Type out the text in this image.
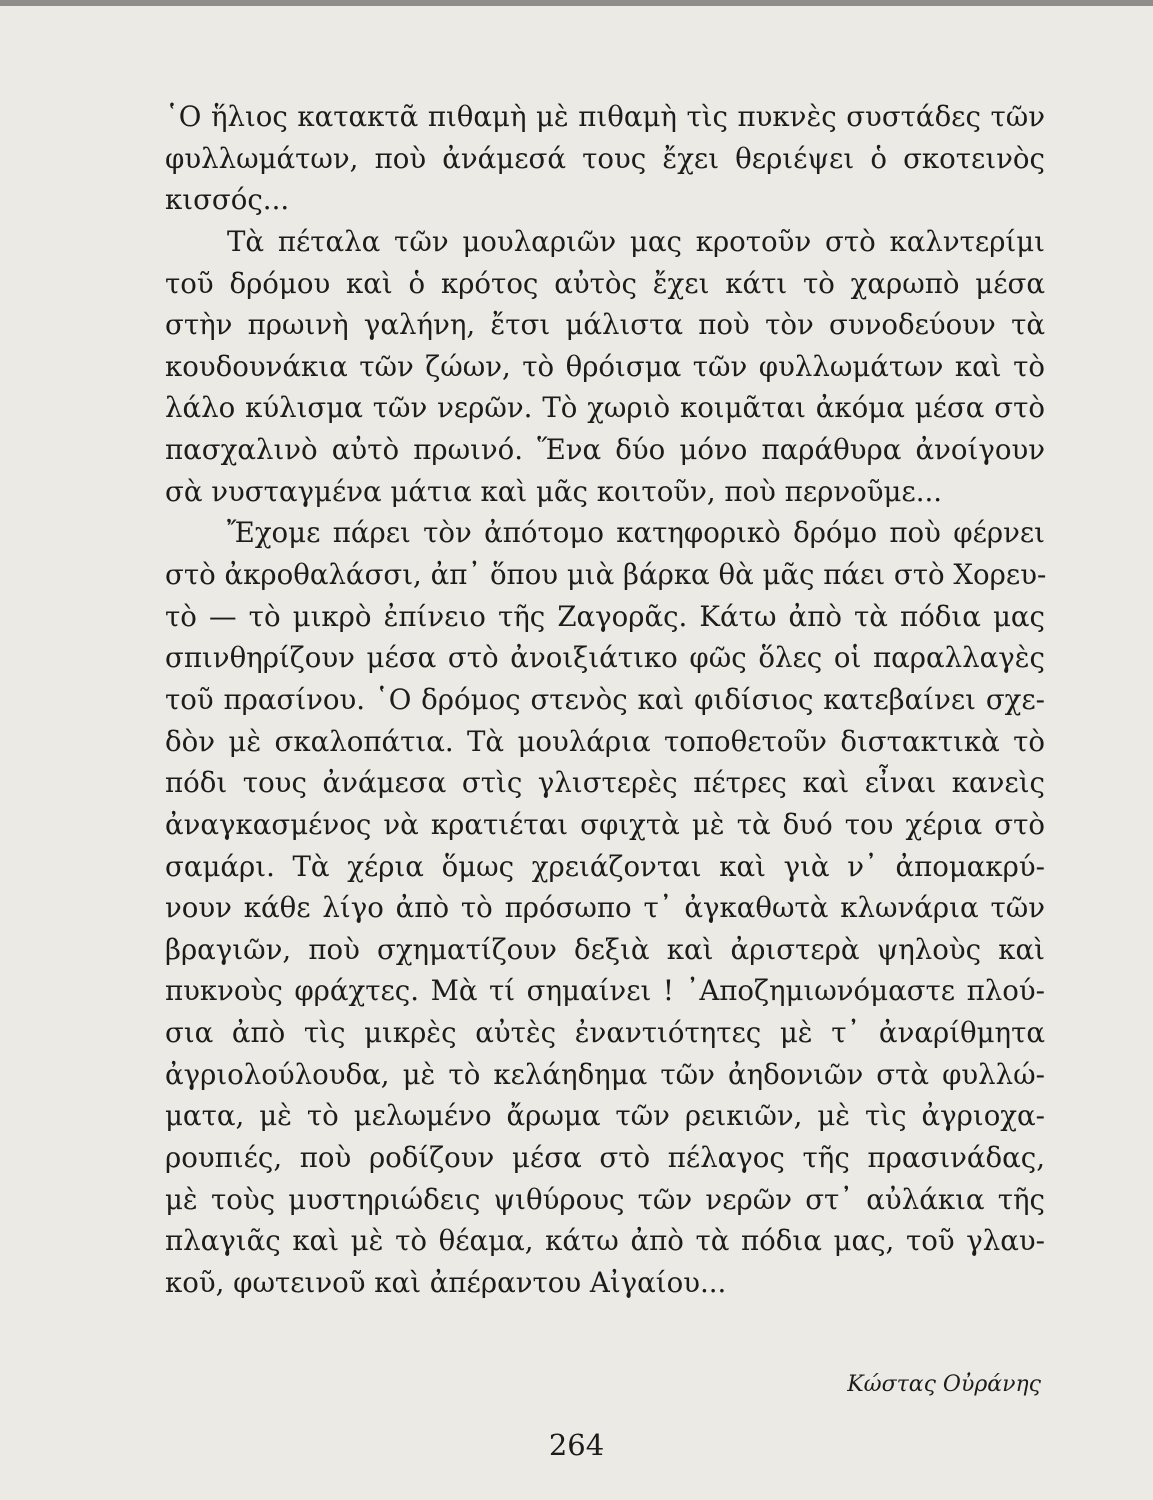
῾Ο ἥλιος κατακτᾶ πιθαμὴ μὲ πιθαμὴ τὶς πυκνὲς συστάδες τῶν
φυλλωμάτων, ποὺ ἀνάμεσά τους ἔχει θεριέψει ὁ σκοτεινὸς
κισσός...
Τὰ πέταλα τῶν μουλαριῶν μας κροτοῦν στὸ καλντερίμι
τοῦ δρόμου καὶ ὁ κρότος αὐτὸς ἔχει κάτι τὸ χαρωπὸ μέσα
στὴν πρωινὴ γαλήνη, ἔτσι μάλιστα ποὺ τὸν συνοδεύουν τὰ
κουδουνάκια τῶν ζώων, τὸ θρόισμα τῶν φυλλωμάτων καὶ τὸ
λάλο κύλισμα τῶν νερῶν. Τὸ χωριὸ κοιμᾶται ἀκόμα μέσα στὸ
πασχαλινὸ αὐτὸ πρωινό. Ἕνα δύο μόνο παράθυρα ἀνοίγουν
σὰ νυσταγμένα μάτια καὶ μᾶς κοιτοῦν, ποὺ περνοῦμε...
Ἔχομε πάρει τὸν ἀπότομο κατηφορικὸ δρόμο ποὺ φέρνει
στὸ ἀκροθαλάσσι, ἀπ᾽ ὅπου μιὰ βάρκα θὰ μᾶς πάει στὸ Χορευ-
τὸ — τὸ μικρὸ ἐπίνειο τῆς Ζαγορᾶς. Κάτω ἀπὸ τὰ πόδια μας
σπινθηρίζουν μέσα στὸ ἀνοιξιάτικο φῶς ὅλες οἱ παραλλαγὲς
τοῦ πρασίνου. ῾Ο δρόμος στενὸς καὶ φιδίσιος κατεβαίνει σχε-
δὸν μὲ σκαλοπάτια. Τὰ μουλάρια τοποθετοῦν διστακτικὰ τὸ
πόδι τους ἀνάμεσα στὶς γλιστερὲς πέτρες καὶ εἶναι κανεὶς
ἀναγκασμένος νὰ κρατιέται σφιχτὰ μὲ τὰ δυό του χέρια στὸ
σαμάρι. Τὰ χέρια ὅμως χρειάζονται καὶ γιὰ ν᾽ ἀπομακρύ-
νουν κάθε λίγο ἀπὸ τὸ πρόσωπο τ᾽ ἀγκαθωτὰ κλωνάρια τῶν
βραγιῶν, ποὺ σχηματίζουν δεξιὰ καὶ ἀριστερὰ ψηλοὺς καὶ
πυκνοὺς φράχτες. Μὰ τί σημαίνει ! ᾿Αποζημιωνόμαστε πλού-
σια ἀπὸ τὶς μικρὲς αὐτὲς ἐναντιότητες μὲ τ᾽ ἀναρίθμητα
ἀγριολούλουδα, μὲ τὸ κελάηδημα τῶν ἀηδονιῶν στὰ φυλλώ-
ματα, μὲ τὸ μελωμένο ἄρωμα τῶν ρεικιῶν, μὲ τὶς ἀγριοχα-
ρουπιές, ποὺ ροδίζουν μέσα στὸ πέλαγος τῆς πρασινάδας,
μὲ τοὺς μυστηριώδεις ψιθύρους τῶν νερῶν στ᾽ αὐλάκια τῆς
πλαγιᾶς καὶ μὲ τὸ θέαμα, κάτω ἀπὸ τὰ πόδια μας, τοῦ γλαυ-
κοῦ, φωτεινοῦ καὶ ἀπέραντου Αἰγαίου...
Κώστας Οὐράνης
264
